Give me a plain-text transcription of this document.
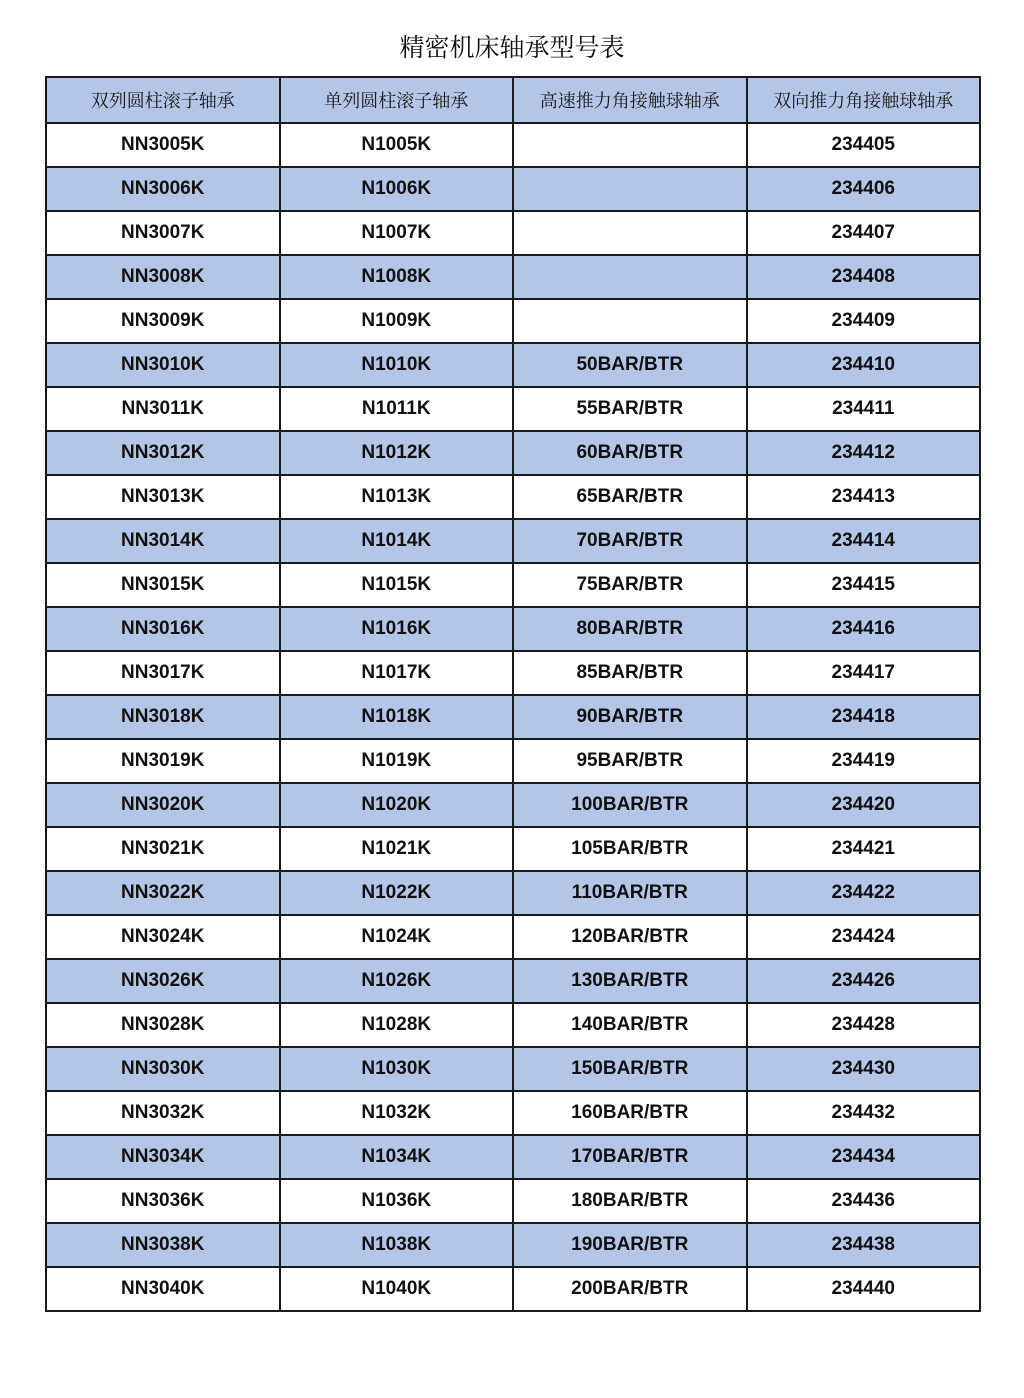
精密机床轴承型号表
双列圆柱滚子轴承	单列圆柱滚子轴承	高速推力角接触球轴承	双向推力角接触球轴承
NN3005K	N1005K		234405
NN3006K	N1006K		234406
NN3007K	N1007K		234407
NN3008K	N1008K		234408
NN3009K	N1009K		234409
NN3010K	N1010K	50BAR/BTR	234410
NN3011K	N1011K	55BAR/BTR	234411
NN3012K	N1012K	60BAR/BTR	234412
NN3013K	N1013K	65BAR/BTR	234413
NN3014K	N1014K	70BAR/BTR	234414
NN3015K	N1015K	75BAR/BTR	234415
NN3016K	N1016K	80BAR/BTR	234416
NN3017K	N1017K	85BAR/BTR	234417
NN3018K	N1018K	90BAR/BTR	234418
NN3019K	N1019K	95BAR/BTR	234419
NN3020K	N1020K	100BAR/BTR	234420
NN3021K	N1021K	105BAR/BTR	234421
NN3022K	N1022K	110BAR/BTR	234422
NN3024K	N1024K	120BAR/BTR	234424
NN3026K	N1026K	130BAR/BTR	234426
NN3028K	N1028K	140BAR/BTR	234428
NN3030K	N1030K	150BAR/BTR	234430
NN3032K	N1032K	160BAR/BTR	234432
NN3034K	N1034K	170BAR/BTR	234434
NN3036K	N1036K	180BAR/BTR	234436
NN3038K	N1038K	190BAR/BTR	234438
NN3040K	N1040K	200BAR/BTR	234440
